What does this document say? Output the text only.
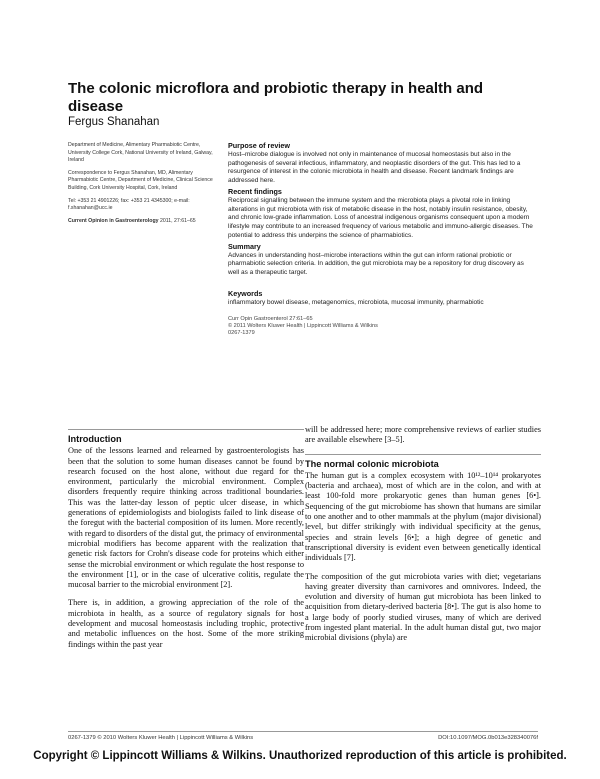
The colonic microflora and probiotic therapy in health and disease
Fergus Shanahan

Department of Medicine, Alimentary Pharmabiotic Centre, University College Cork, National University of Ireland, Galway, Ireland

Correspondence to Fergus Shanahan, MD, Alimentary Pharmabiotic Centre, Department of Medicine, Clinical Science Building, Cork University Hospital, Cork, Ireland

Tel: +353 21 4901226; fax: +353 21 4345300; e-mail: f.shanahan@ucc.ie

Current Opinion in Gastroenterology 2011, 27:61–65

Purpose of review

Host–microbe dialogue is involved not only in maintenance of mucosal homeostasis but also in the pathogenesis of several infectious, inflammatory, and neoplastic disorders of the gut. This has led to a resurgence of interest in the colonic microbiota in health and disease. Recent landmark findings are addressed here.

Recent findings

Reciprocal signalling between the immune system and the microbiota plays a pivotal role in linking alterations in gut microbiota with risk of metabolic disease in the host, notably insulin resistance, obesity, and chronic low-grade inflammation. Loss of ancestral indigenous organisms consequent upon a modern lifestyle may contribute to an increased frequency of various metabolic and immuno-allergic diseases. The potential to address this underpins the science of pharmabiotics.

Summary

Advances in understanding host–microbe interactions within the gut can inform rational probiotic or pharmabiotic selection criteria. In addition, the gut microbiota may be a repository for drug discovery as well as a therapeutic target.

Keywords

inflammatory bowel disease, metagenomics, microbiota, mucosal immunity, pharmabiotic

Curr Opin Gastroenterol 27:61–65
© 2011 Wolters Kluwer Health | Lippincott Williams & Wilkins
0267-1379
Introduction

One of the lessons learned and relearned by gastroenterologists has been that the solution to some human diseases cannot be found by research focused on the host alone, without due regard for the environment, particularly the microbial environment. Complex disorders frequently require thinking across traditional boundaries. This was the latter-day lesson of peptic ulcer disease, in which generations of epidemiologists and biologists failed to link disease of the foregut with the bacterial composition of its lumen. More recently, with regard to disorders of the distal gut, the primacy of environmental microbial modifiers has become apparent with the realization that genetic risk factors for Crohn's disease code for proteins which either sense the microbial environment or which regulate the host response to the environment [1], or in the case of ulcerative colitis, regulate the mucosal barrier to the microbial environment [2].

There is, in addition, a growing appreciation of the role of the microbiota in health, as a source of regulatory signals for host development and mucosal homeostasis including trophic, protective and metabolic influences on the host. Some of the more striking findings within the past year

will be addressed here; more comprehensive reviews of earlier studies are available elsewhere [3–5].

The normal colonic microbiota

The human gut is a complex ecosystem with 10¹²–10¹⁴ prokaryotes (bacteria and archaea), most of which are in the colon, and with at least 100-fold more prokaryotic genes than human genes [6•]. Sequencing of the gut microbiome has shown that humans are similar to one another and to other mammals at the phylum (major divisional) level, but differ strikingly with individual specificity at the genus, species and strain levels [6•]; a high degree of genetic and transcriptional diversity is evident even between genetically identical individuals [7].

The composition of the gut microbiota varies with diet; vegetarians having greater diversity than carnivores and omnivores. Indeed, the evolution and diversity of human gut microbiota has been linked to acquisition from dietary-derived bacteria [8•]. The gut is also home to a large body of poorly studied viruses, many of which are derived from ingested plant material. In the adult human distal gut, two major microbial divisions (phyla) are

0267-1379 © 2010 Wolters Kluwer Health | Lippincott Williams & Wilkins	DOI:10.1097/MOG.0b013e328340076f
Copyright © Lippincott Williams & Wilkins. Unauthorized reproduction of this article is prohibited.
